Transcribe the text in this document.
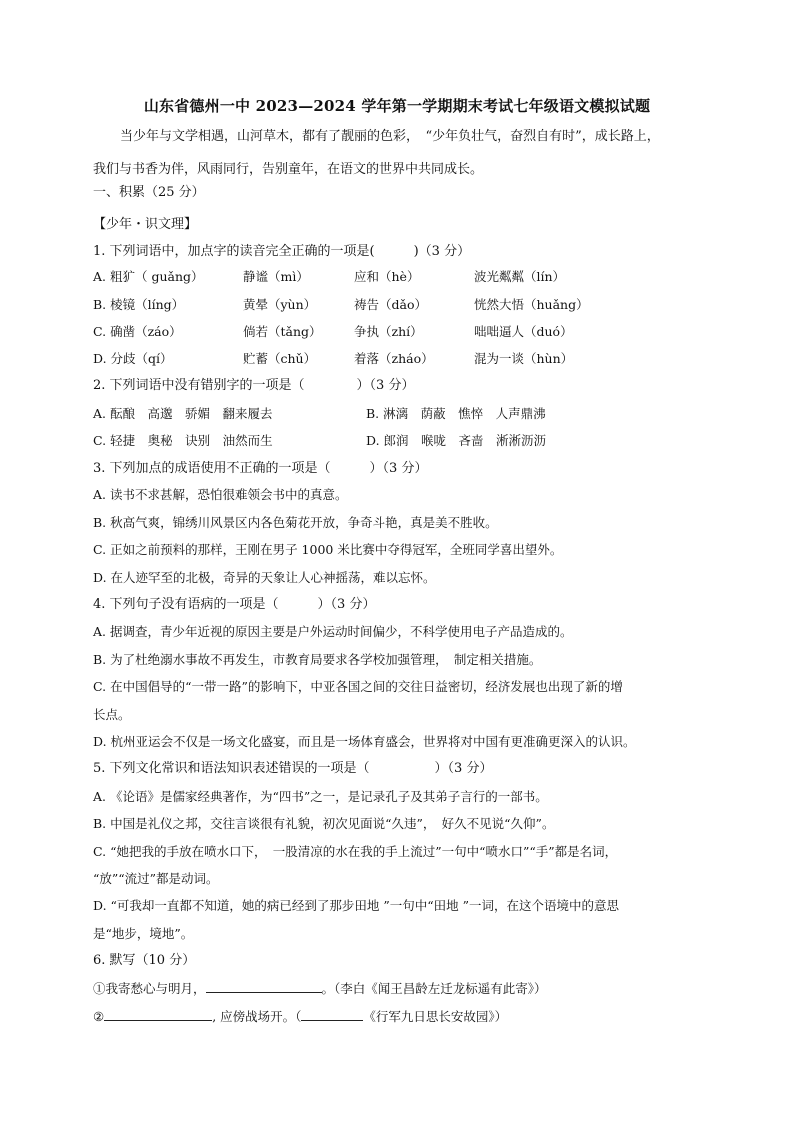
山东省德州一中 2023—2024 学年第一学期期末考试七年级语文模拟试题
当少年与文学相遇，山河草木，都有了靓丽的色彩，　“少年负壮气，奋烈自有时”，成长路上，
我们与书香为伴，风雨同行，告别童年，在语文的世界中共同成长。
一、积累（25 分）
【少年・识文理】
1. 下列词语中，加点字的读音完全正确的一项是(　　　)（3 分）
A. 粗犷（ guǎng）	静谧（mì）	应和（hè）	波光粼粼（lín）
B. 棱镜（líng）	黄晕（yùn）	祷告（dǎo）	恍然大悟（huǎng）
C. 确凿（záo）	倘若（tǎng）	争执（zhí）	咄咄逼人（duó）
D. 分歧（qí）	贮蓄（chǔ）	着落（zháo）	混为一谈（hùn）
2. 下列词语中没有错别字的一项是（　　　　）（3 分）
A. 酝酿　高邈　骄媚　翻来履去	B. 淋漓　荫蔽　憔悴　人声鼎沸
C. 轻捷　奥秘　诀别　油然而生	D. 郎润　喉咙　吝啬　淅淅沥沥
3. 下列加点的成语使用不正确的一项是（　　　）（3 分）
A. 读书不求甚解，恐怕很难领会书中的真意。
B. 秋高气爽，锦绣川风景区内各色菊花开放，争奇斗艳，真是美不胜收。
C. 正如之前预料的那样，王刚在男子 1000 米比赛中夺得冠军，全班同学喜出望外。
D. 在人迹罕至的北极，奇异的天象让人心神摇荡，难以忘怀。
4. 下列句子没有语病的一项是（　　　）（3 分）
A. 据调查，青少年近视的原因主要是户外运动时间偏少，不科学使用电子产品造成的。
B. 为了杜绝溺水事故不再发生，市教育局要求各学校加强管理，　制定相关措施。
C. 在中国倡导的“一带一路”的影响下，中亚各国之间的交往日益密切，经济发展也出现了新的增
长点。
D. 杭州亚运会不仅是一场文化盛宴，而且是一场体育盛会，世界将对中国有更准确更深入的认识。
5. 下列文化常识和语法知识表述错误的一项是（　　　　　）（3 分）
A. 《论语》是儒家经典著作，为“四书”之一，是记录孔子及其弟子言行的一部书。
B. 中国是礼仪之邦，交往言谈很有礼貌，初次见面说“久违”，　好久不见说“久仰”。
C. “她把我的手放在喷水口下，　一股清凉的水在我的手上流过”一句中“喷水口”“手”都是名词，
“放”“流过”都是动词。
D. “可我却一直都不知道，她的病已经到了那步田地 ”一句中“田地 ”一词，在这个语境中的意思
是“地步，境地”。
6. 默写（10 分）
①我寄愁心与明月，	。（李白《闻王昌龄左迁龙标遥有此寄》）
②	, 应傍战场开。（	《行军九日思长安故园》）
